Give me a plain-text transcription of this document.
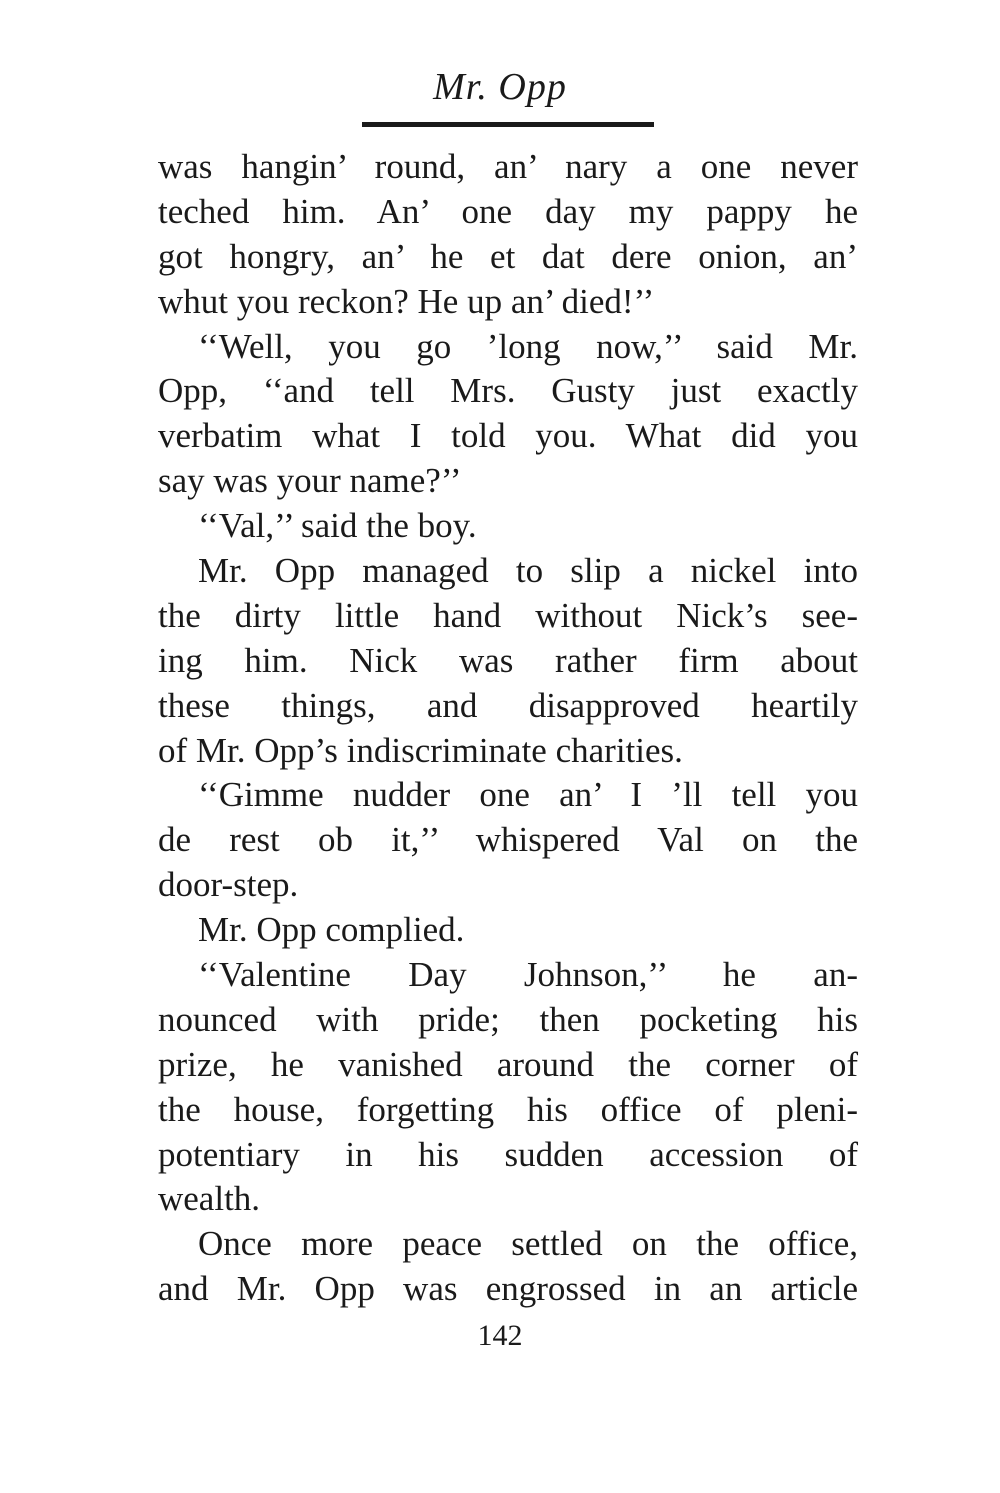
Mr. Opp
was hangin’ round, an’ nary a one never
teched him. An’ one day my pappy he
got hongry, an’ he et dat dere onion, an’
whut you reckon? He up an’ died!’’
‘‘Well, you go ’long now,’’ said Mr.
Opp, ‘‘and tell Mrs. Gusty just exactly
verbatim what I told you. What did you
say was your name?’’
‘‘Val,’’ said the boy.
Mr. Opp managed to slip a nickel into
the dirty little hand without Nick’s see-
ing him. Nick was rather firm about
these things, and disapproved heartily
of Mr. Opp’s indiscriminate charities.
‘‘Gimme nudder one an’ I ’ll tell you
de rest ob it,’’ whispered Val on the
door-step.
Mr. Opp complied.
‘‘Valentine Day Johnson,’’ he an-
nounced with pride; then pocketing his
prize, he vanished around the corner of
the house, forgetting his office of pleni-
potentiary in his sudden accession of
wealth.
Once more peace settled on the office,
and Mr. Opp was engrossed in an article
142
